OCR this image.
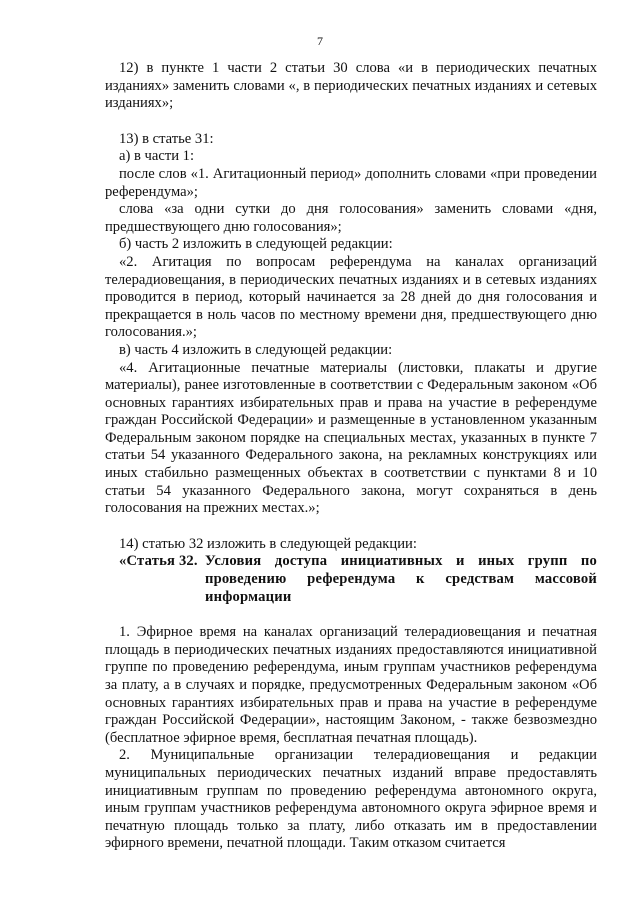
7

12) в пункте 1 части 2 статьи 30 слова «и в периодических печатных изданиях» заменить словами «, в периодических печатных изданиях и сетевых изданиях»;

13) в статье 31:

а) в части 1:

после слов «1. Агитационный период» дополнить словами «при проведении референдума»;

слова «за одни сутки до дня голосования» заменить словами «дня, предшествующего дню голосования»;

б) часть 2 изложить в следующей редакции:

«2. Агитация по вопросам референдума на каналах организаций телерадиовещания, в периодических печатных изданиях и в сетевых изданиях проводится в период, который начинается за 28 дней до дня голосования и прекращается в ноль часов по местному времени дня, предшествующего дню голосования.»;

в) часть 4 изложить в следующей редакции:

«4. Агитационные печатные материалы (листовки, плакаты и другие материалы), ранее изготовленные в соответствии с Федеральным законом «Об основных гарантиях избирательных прав и права на участие в референдуме граждан Российской Федерации» и размещенные в установленном указанным Федеральным законом порядке на специальных местах, указанных в пункте 7 статьи 54 указанного Федерального закона, на рекламных конструкциях или иных стабильно размещенных объектах в соответствии с пунктами 8 и 10 статьи 54 указанного Федерального закона, могут сохраняться в день голосования на прежних местах.»;

14) статью 32 изложить в следующей редакции:

«Статья 32. Условия доступа инициативных и иных групп по проведению референдума к средствам массовой информации

1. Эфирное время на каналах организаций телерадиовещания и печатная площадь в периодических печатных изданиях предоставляются инициативной группе по проведению референдума, иным группам участников референдума за плату, а в случаях и порядке, предусмотренных Федеральным законом «Об основных гарантиях избирательных прав и права на участие в референдуме граждан Российской Федерации», настоящим Законом, - также безвозмездно (бесплатное эфирное время, бесплатная печатная площадь).

2. Муниципальные организации телерадиовещания и редакции муниципальных периодических печатных изданий вправе предоставлять инициативным группам по проведению референдума автономного округа, иным группам участников референдума автономного округа эфирное время и печатную площадь только за плату, либо отказать им в предоставлении эфирного времени, печатной площади. Таким отказом считается
